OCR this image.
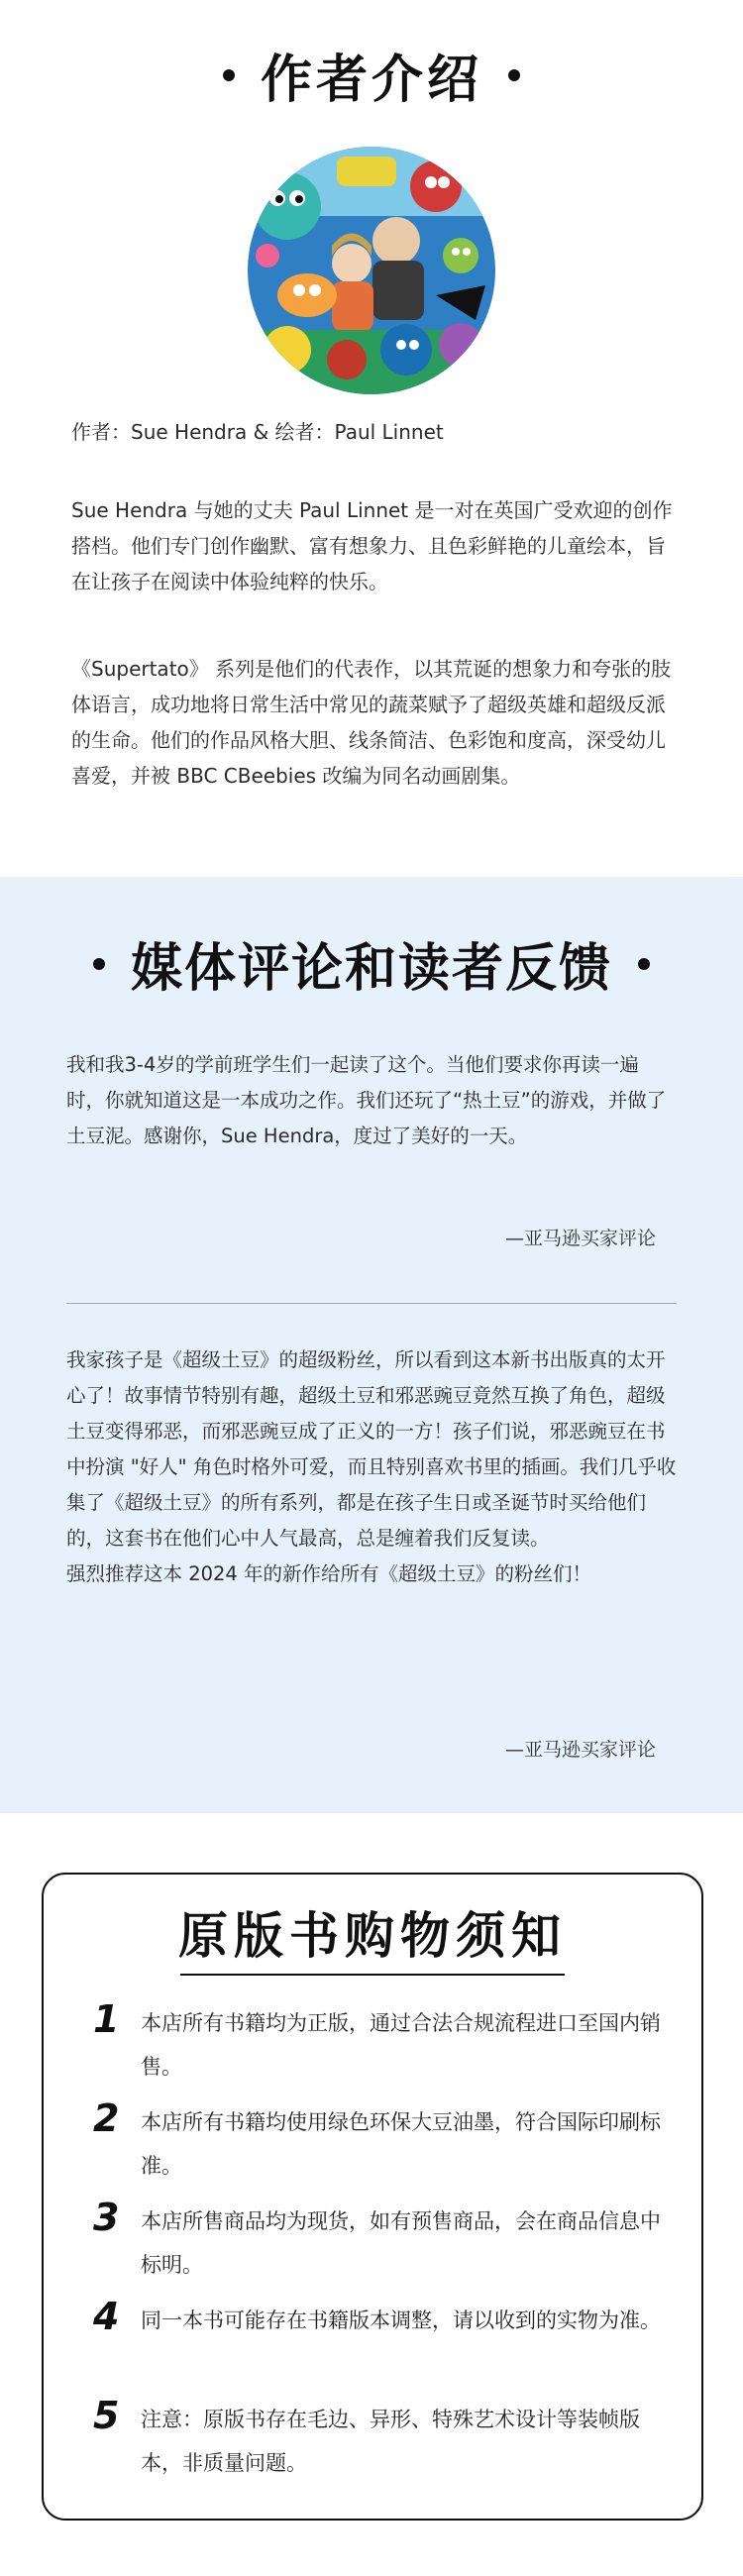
作者介绍

作者：Sue Hendra & 绘者：Paul Linnet

Sue Hendra 与她的丈夫 Paul Linnet 是一对在英国广受欢迎的创作搭档。他们专门创作幽默、富有想象力、且色彩鲜艳的儿童绘本，旨在让孩子在阅读中体验纯粹的快乐。

《Supertato》 系列是他们的代表作，以其荒诞的想象力和夸张的肢体语言，成功地将日常生活中常见的蔬菜赋予了超级英雄和超级反派的生命。他们的作品风格大胆、线条简洁、色彩饱和度高，深受幼儿喜爱，并被 BBC CBeebies 改编为同名动画剧集。

媒体评论和读者反馈

我和我3-4岁的学前班学生们一起读了这个。当他们要求你再读一遍时，你就知道这是一本成功之作。我们还玩了“热土豆”的游戏，并做了土豆泥。感谢你，Sue Hendra，度过了美好的一天。

—亚马逊买家评论
我家孩子是《超级土豆》的超级粉丝，所以看到这本新书出版真的太开心了！故事情节特别有趣，超级土豆和邪恶豌豆竟然互换了角色，超级土豆变得邪恶，而邪恶豌豆成了正义的一方！孩子们说，邪恶豌豆在书中扮演 "好人" 角色时格外可爱，而且特别喜欢书里的插画。我们几乎收集了《超级土豆》的所有系列，都是在孩子生日或圣诞节时买给他们的，这套书在他们心中人气最高，总是缠着我们反复读。
强烈推荐这本 2024 年的新作给所有《超级土豆》的粉丝们！
—亚马逊买家评论
原版书购物须知
1	本店所有书籍均为正版，通过合法合规流程进口至国内销售。
2	本店所有书籍均使用绿色环保大豆油墨，符合国际印刷标准。
3	本店所售商品均为现货，如有预售商品，会在商品信息中标明。
4	同一本书可能存在书籍版本调整，请以收到的实物为准。
5	注意：原版书存在毛边、异形、特殊艺术设计等装帧版本，非质量问题。
